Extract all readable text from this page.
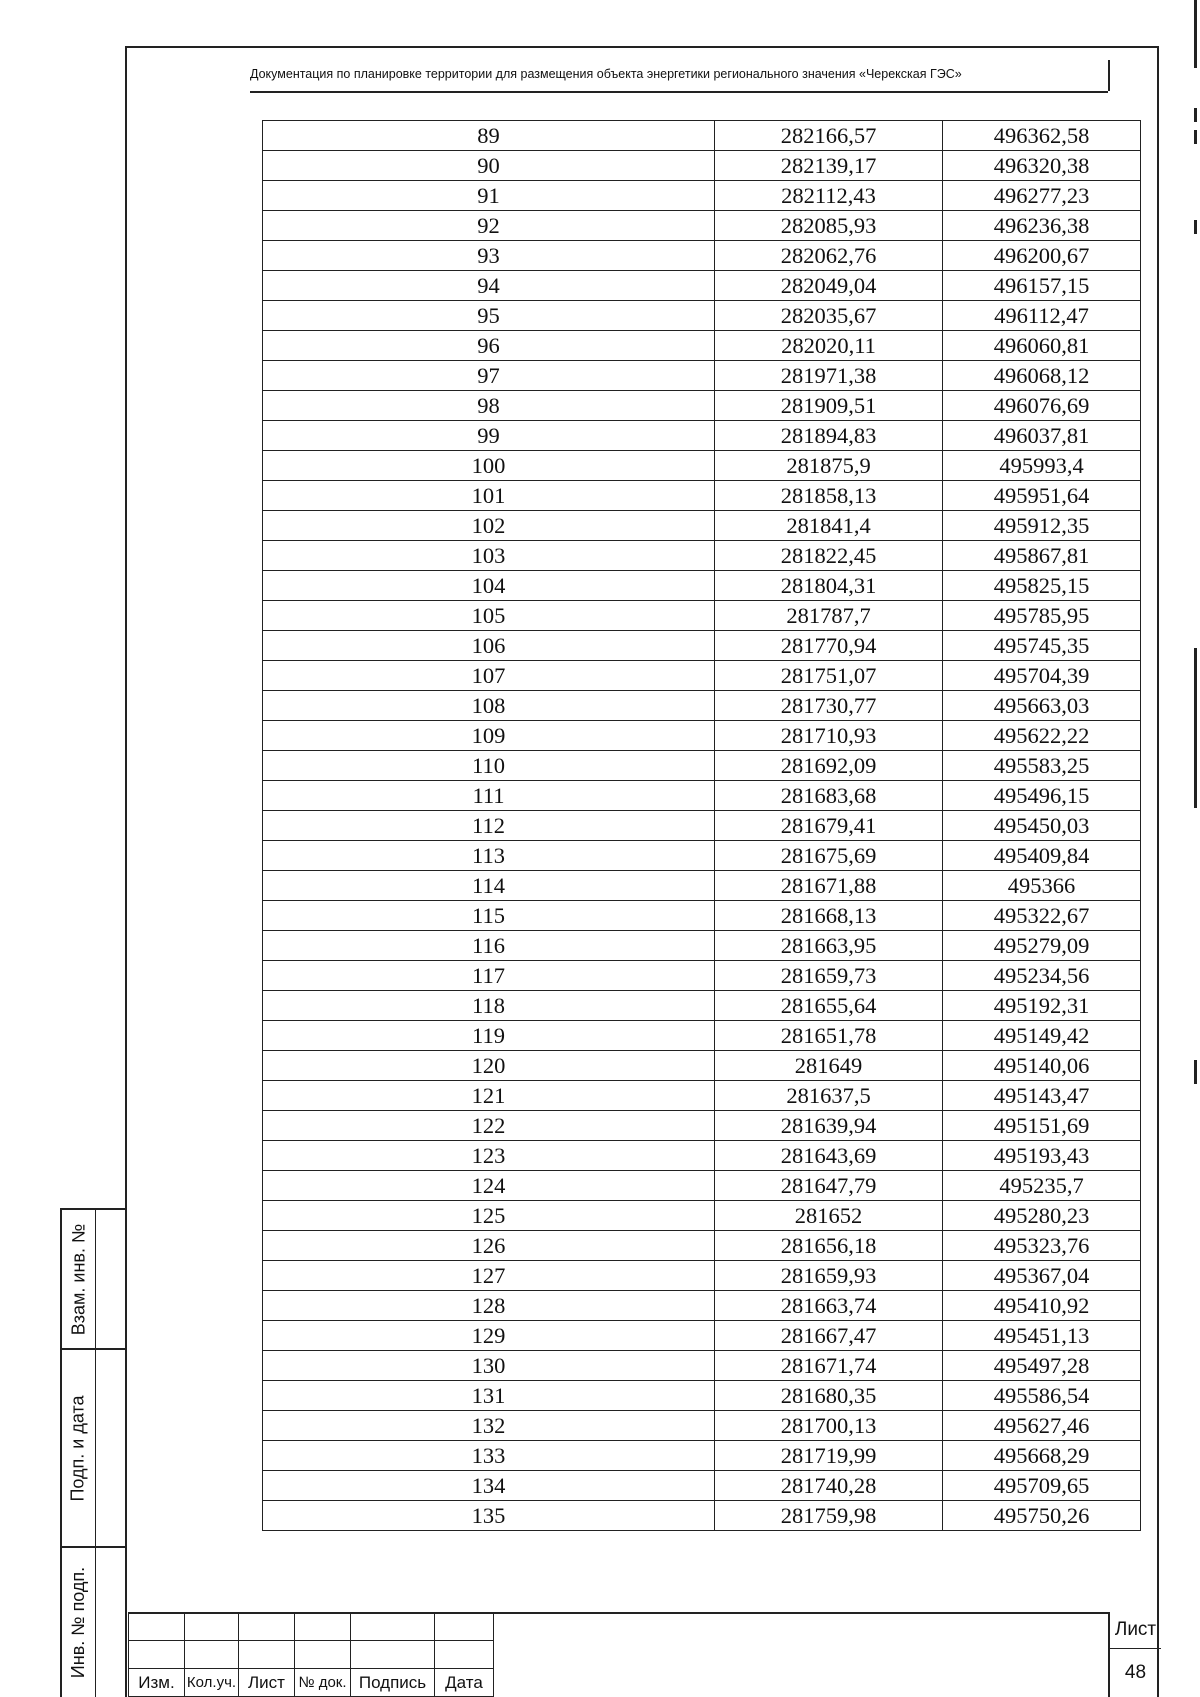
Документация по планировке территории для размещения объекта энергетики регионального значения «Черекская ГЭС»
89	282166,57	496362,58
90	282139,17	496320,38
91	282112,43	496277,23
92	282085,93	496236,38
93	282062,76	496200,67
94	282049,04	496157,15
95	282035,67	496112,47
96	282020,11	496060,81
97	281971,38	496068,12
98	281909,51	496076,69
99	281894,83	496037,81
100	281875,9	495993,4
101	281858,13	495951,64
102	281841,4	495912,35
103	281822,45	495867,81
104	281804,31	495825,15
105	281787,7	495785,95
106	281770,94	495745,35
107	281751,07	495704,39
108	281730,77	495663,03
109	281710,93	495622,22
110	281692,09	495583,25
111	281683,68	495496,15
112	281679,41	495450,03
113	281675,69	495409,84
114	281671,88	495366
115	281668,13	495322,67
116	281663,95	495279,09
117	281659,73	495234,56
118	281655,64	495192,31
119	281651,78	495149,42
120	281649	495140,06
121	281637,5	495143,47
122	281639,94	495151,69
123	281643,69	495193,43
124	281647,79	495235,7
125	281652	495280,23
126	281656,18	495323,76
127	281659,93	495367,04
128	281663,74	495410,92
129	281667,47	495451,13
130	281671,74	495497,28
131	281680,35	495586,54
132	281700,13	495627,46
133	281719,99	495668,29
134	281740,28	495709,65
135	281759,98	495750,26
Взам. инв. №
Подп. и дата
Инв. № подп.

Изм.	Кол.уч.	Лист	№ док.	Подпись	Дата
Лист
48
